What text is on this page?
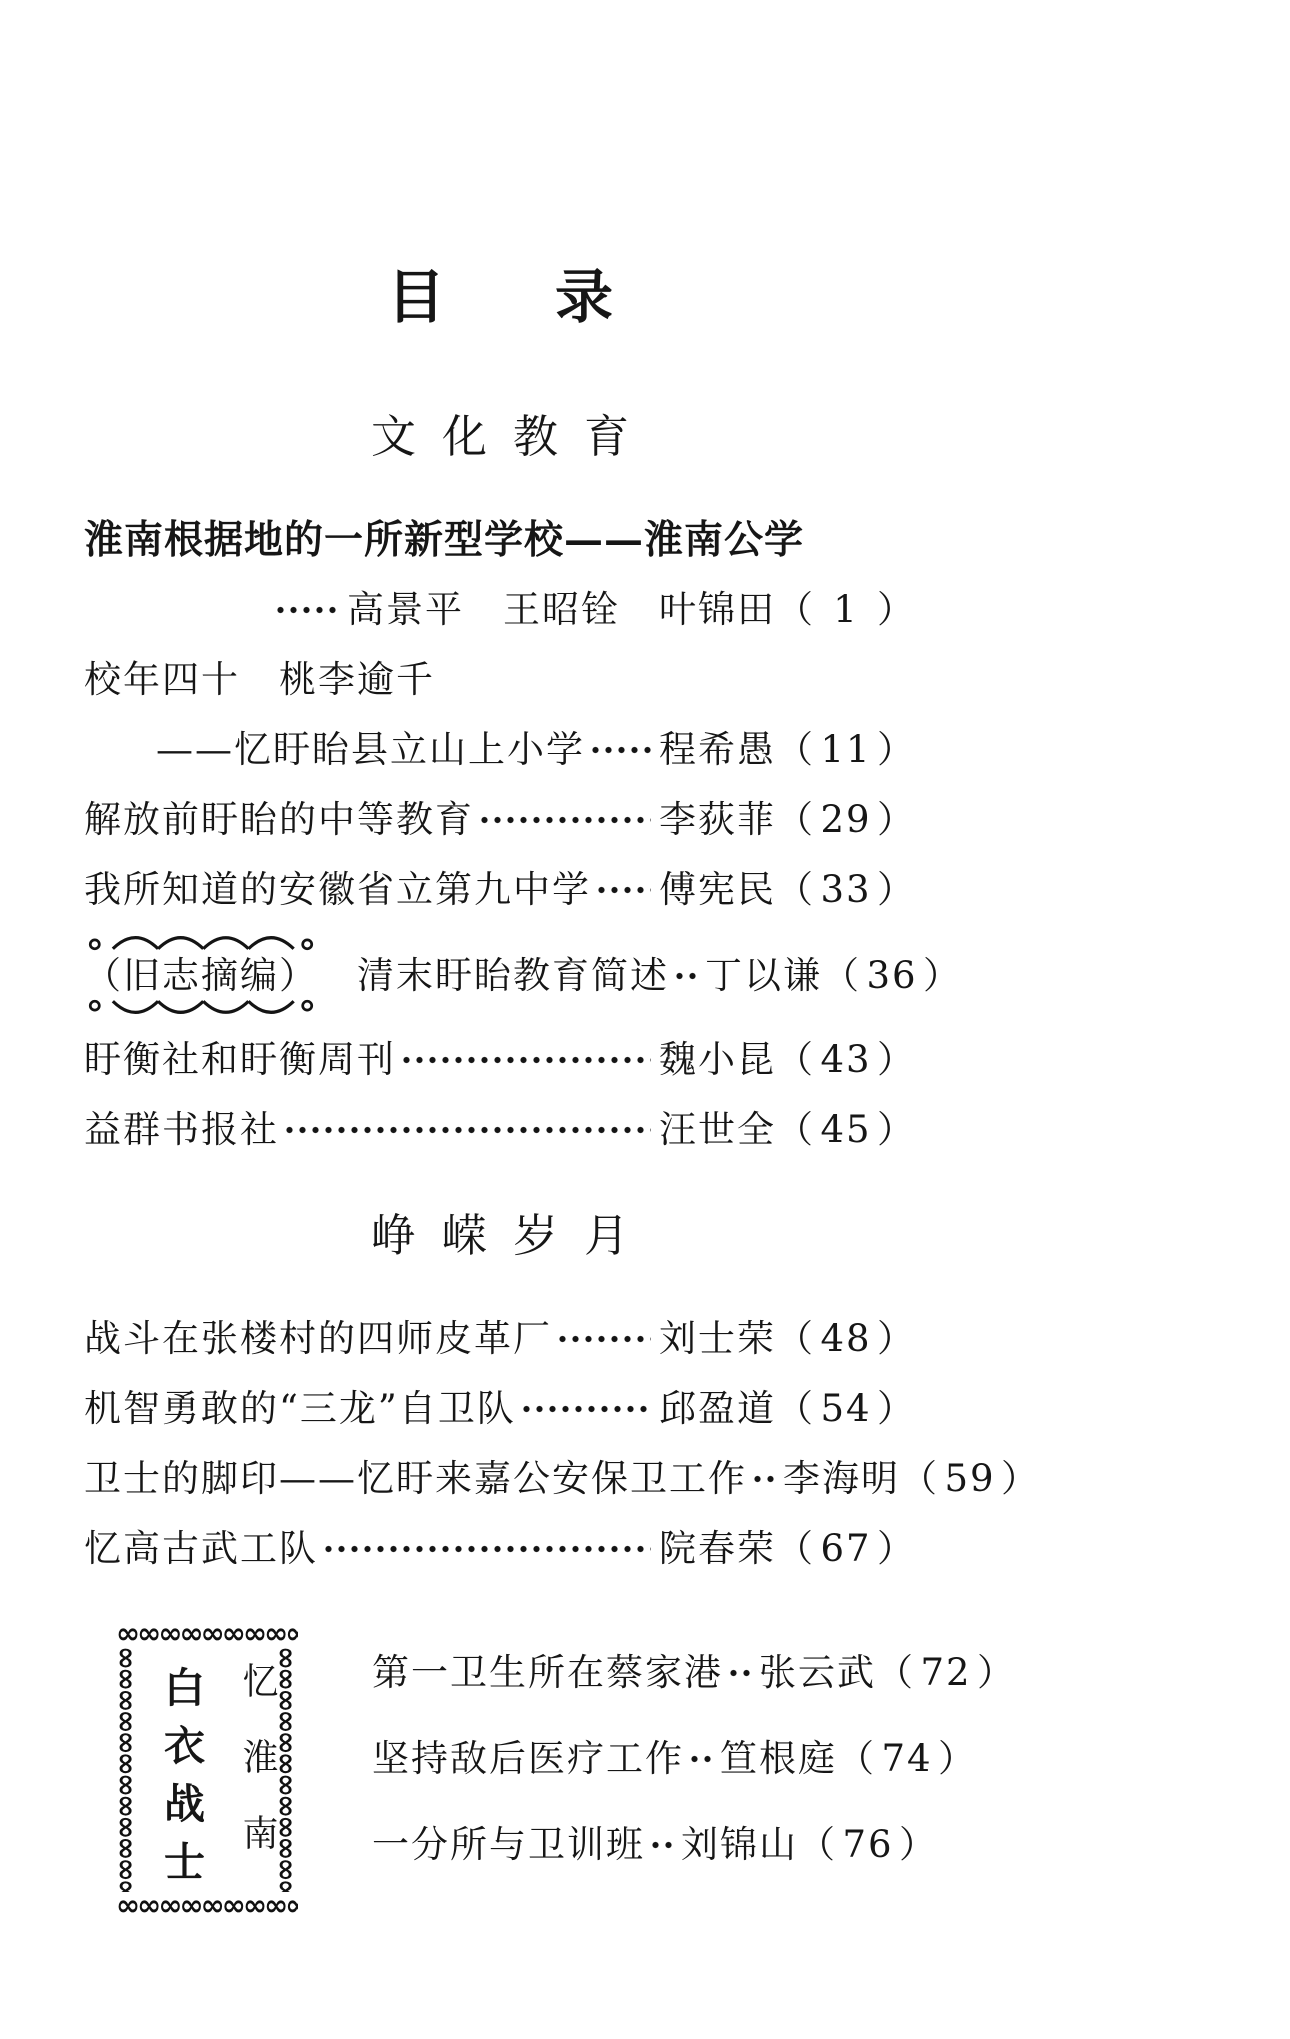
目录
文化教育
淮南根据地的一所新型学校——淮南公学
高景平　王昭铨　叶锦田 （ 1 ）
校年四十　桃李逾千
——忆盱眙县立山上小学 程希愚 （ 11 ）
解放前盱眙的中等教育	李荻菲 （ 29 ）
我所知道的安徽省立第九中学 傅宪民 （ 33 ）
（旧志摘编） 　清末盱眙教育简述 丁以谦 （ 36 ）
盱衡社和盱衡周刊	魏小昆 （ 43 ）
益群书报社	汪世全 （ 45 ）
峥嵘岁月
战斗在张楼村的四师皮革厂	刘士荣 （ 48 ）
机智勇敢的“三龙”自卫队	邱盈道 （ 54 ）
卫士的脚印——忆盱来嘉公安保卫工作 李海明 （ 59 ）
忆高古武工队	院春荣 （ 67 ）
∞∞∞∞∞∞∞∞∞∞∞∞
∞∞∞∞∞∞∞∞∞∞∞∞
∞∞∞∞∞∞∞∞∞∞∞∞
∞∞∞∞∞∞∞∞∞∞∞∞
白衣战士 忆淮南	第一卫生所在蔡家港 张云武 （ 72 ）
坚持敌后医疗工作 笪根庭 （ 74 ）
一分所与卫训班 刘锦山 （ 76 ）
